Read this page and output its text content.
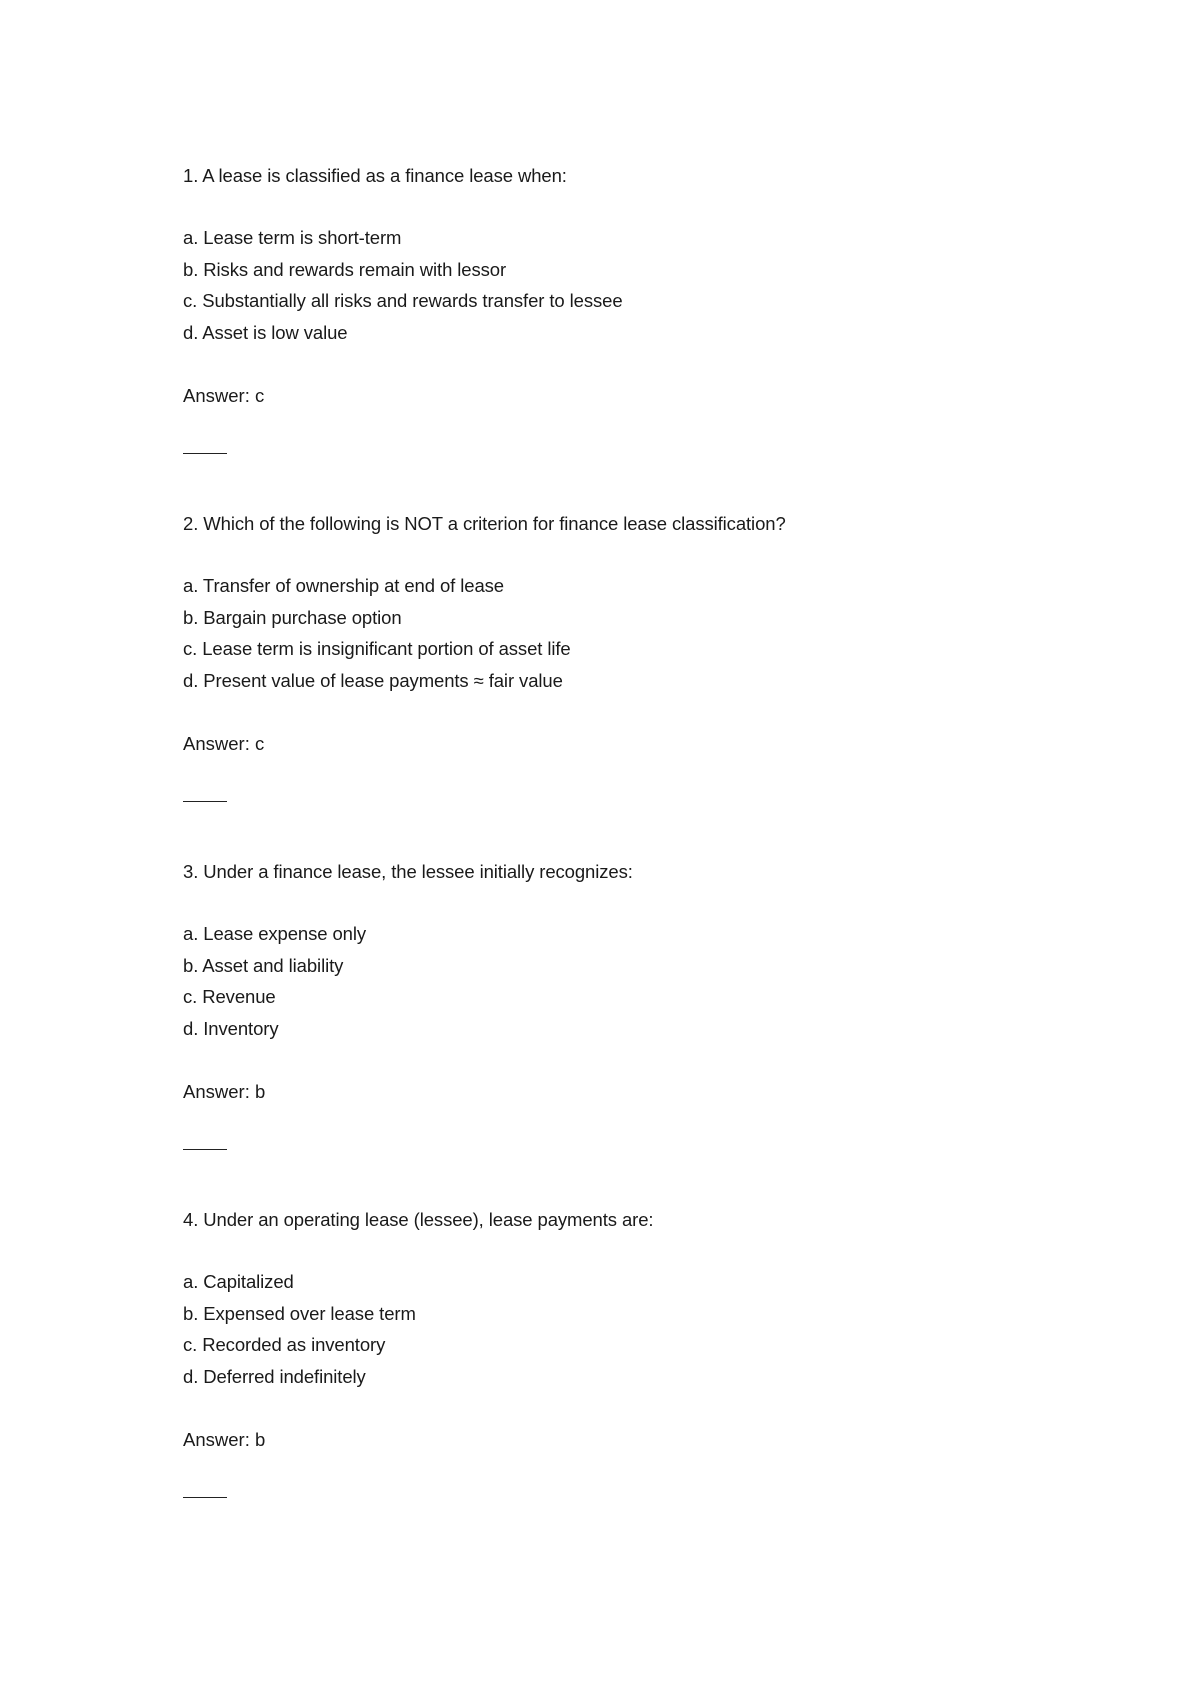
1. A lease is classified as a finance lease when:
a. Lease term is short-term
b. Risks and rewards remain with lessor
c. Substantially all risks and rewards transfer to lessee
d. Asset is low value
Answer: c
2. Which of the following is NOT a criterion for finance lease classification?
a. Transfer of ownership at end of lease
b. Bargain purchase option
c. Lease term is insignificant portion of asset life
d. Present value of lease payments ≈ fair value
Answer: c
3. Under a finance lease, the lessee initially recognizes:
a. Lease expense only
b. Asset and liability
c. Revenue
d. Inventory
Answer: b
4. Under an operating lease (lessee), lease payments are:
a. Capitalized
b. Expensed over lease term
c. Recorded as inventory
d. Deferred indefinitely
Answer: b
